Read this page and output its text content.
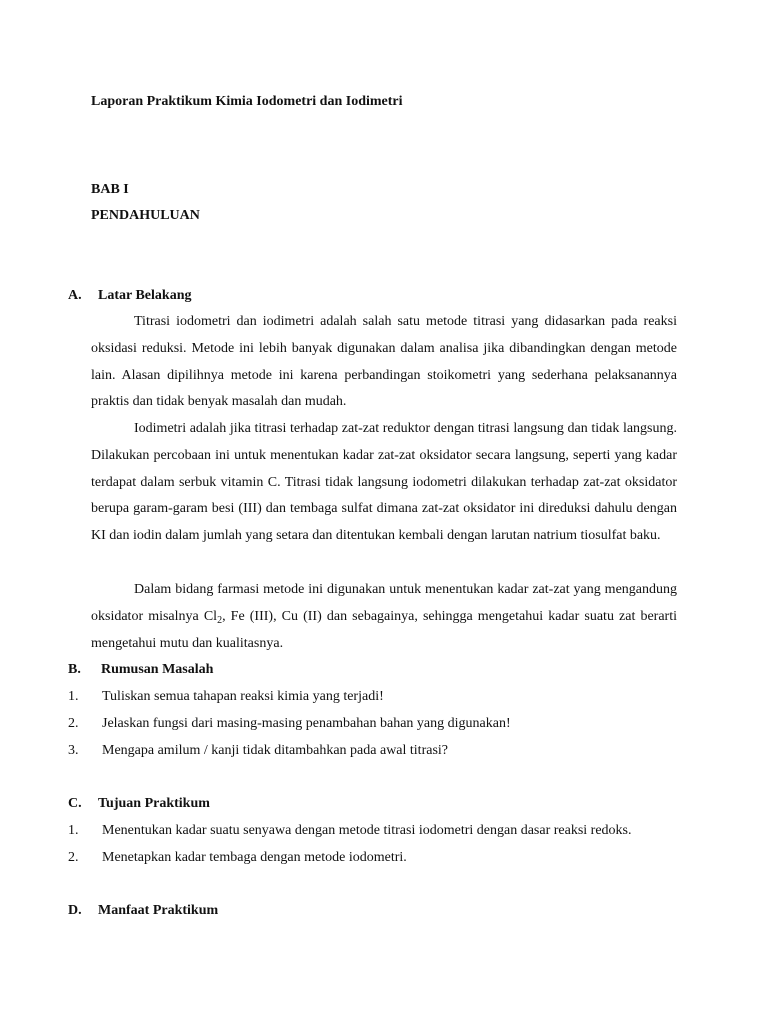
Laporan Praktikum Kimia Iodometri dan Iodimetri
BAB I
PENDAHULUAN
A. Latar Belakang
Titrasi iodometri dan iodimetri adalah salah satu metode titrasi yang didasarkan pada reaksi oksidasi reduksi. Metode ini lebih banyak digunakan dalam analisa jika dibandingkan dengan metode lain. Alasan dipilihnya metode ini karena perbandingan stoikometri yang sederhana pelaksanannya praktis dan tidak benyak masalah dan mudah.
Iodimetri adalah jika titrasi terhadap zat-zat reduktor dengan titrasi langsung dan tidak langsung. Dilakukan percobaan ini untuk menentukan kadar zat-zat oksidator secara langsung, seperti yang kadar terdapat dalam serbuk vitamin C. Titrasi tidak langsung iodometri dilakukan terhadap zat-zat oksidator berupa garam-garam besi (III) dan tembaga sulfat dimana zat-zat oksidator ini direduksi dahulu dengan KI dan iodin dalam jumlah yang setara dan ditentukan kembali dengan larutan natrium tiosulfat baku.
Dalam bidang farmasi metode ini digunakan untuk menentukan kadar zat-zat yang mengandung oksidator misalnya $Cl_2$, Fe (III), Cu (II) dan sebagainya, sehingga mengetahui kadar suatu zat berarti mengetahui mutu dan kualitasnya.
B. Rumusan Masalah
1. Tuliskan semua tahapan reaksi kimia yang terjadi!
2. Jelaskan fungsi dari masing-masing penambahan bahan yang digunakan!
3. Mengapa amilum / kanji tidak ditambahkan pada awal titrasi?
C. Tujuan Praktikum
1. Menentukan kadar suatu senyawa dengan metode titrasi iodometri dengan dasar reaksi redoks.
2. Menetapkan kadar tembaga dengan metode iodometri.
D. Manfaat Praktikum
